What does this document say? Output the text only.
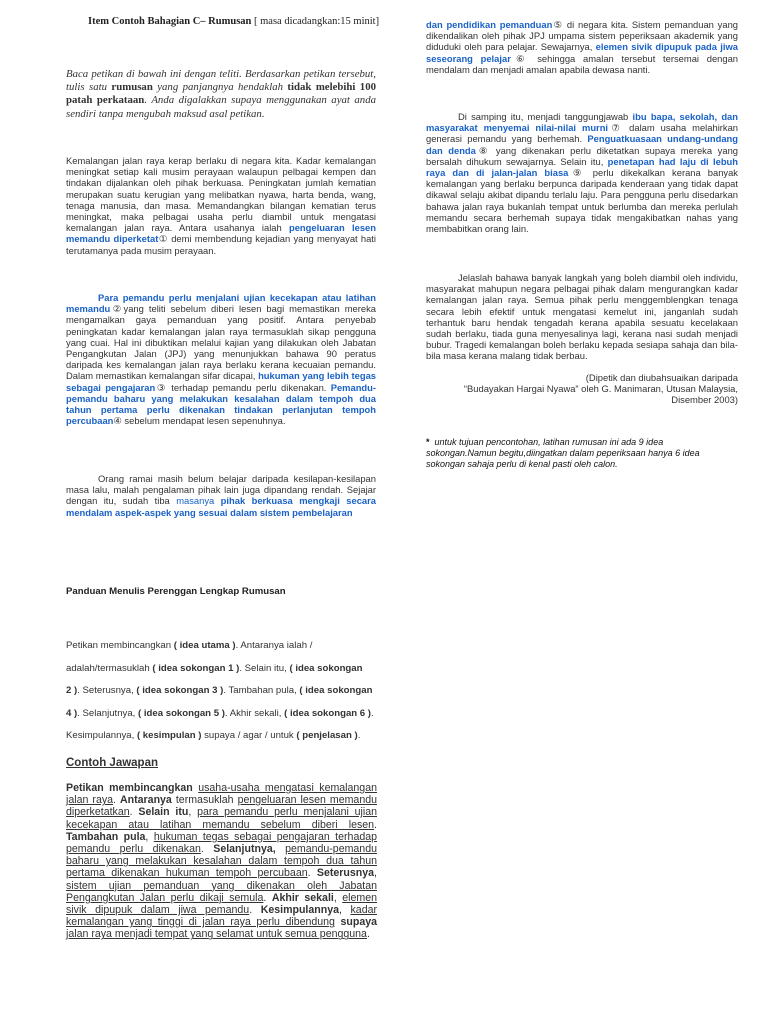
Item Contoh Bahagian C– Rumusan [ masa dicadangkan:15 minit]
Baca petikan di bawah ini dengan teliti. Berdasarkan petikan tersebut, tulis satu rumusan yang panjangnya hendaklah tidak melebihi 100 patah perkataan. Anda digalakkan supaya menggunakan ayat anda sendiri tanpa mengubah maksud asal petikan.
Kemalangan jalan raya kerap berlaku di negara kita. Kadar kemalangan meningkat setiap kali musim perayaan walaupun pelbagai kempen dan tindakan dijalankan oleh pihak berkuasa. Peningkatan jumlah kematian merupakan suatu kerugian yang melibatkan nyawa, harta benda, wang, tenaga manusia, dan masa. Memandangkan bilangan kematian terus meningkat, maka pelbagai usaha perlu diambil untuk mengatasi kemalangan jalan raya. Antara usahanya ialah pengeluaran lesen memandu diperketat① demi membendung kejadian yang menyayat hati terutamanya pada musim perayaan.
Para pemandu perlu menjalani ujian kecekapan atau latihan memandu②yang teliti sebelum diberi lesen bagi memastikan mereka mengamalkan gaya pemanduan yang positif. Antara penyebab peningkatan kadar kemalangan jalan raya termasuklah sikap pengguna yang cuai. Hal ini dibuktikan melalui kajian yang dilakukan oleh Jabatan Pengangkutan Jalan (JPJ) yang menunjukkan bahawa 90 peratus daripada kes kemalangan jalan raya berlaku kerana kecuaian pemandu. Dalam memastikan kemalangan sifar dicapai, hukuman yang lebih tegas sebagai pengajaran③ terhadap pemandu perlu dikenakan. Pemandu-pemandu baharu yang melakukan kesalahan dalam tempoh dua tahun pertama perlu dikenakan tindakan perlanjutan tempoh percubaan④ sebelum mendapat lesen sepenuhnya.
Orang ramai masih belum belajar daripada kesilapan-kesilapan masa lalu, malah pengalaman pihak lain juga dipandang rendah. Sejajar dengan itu, sudah tiba masanya pihak berkuasa mengkaji secara mendalam aspek-aspek yang sesuai dalam sistem pembelajaran
dan pendidikan pemanduan⑤ di negara kita. Sistem pemanduan yang dikendalikan oleh pihak JPJ umpama sistem peperiksaan akademik yang diduduki oleh para pelajar. Sewajarnya, elemen sivik dipupuk pada jiwa seseorang pelajar⑥ sehingga amalan tersebut tersemai dengan mendalam dan menjadi amalan apabila dewasa nanti.
Di samping itu, menjadi tanggungjawab ibu bapa, sekolah, dan masyarakat menyemai nilai-nilai murni⑦ dalam usaha melahirkan generasi pemandu yang berhemah. Penguatkuasaan undang-undang dan denda⑧ yang dikenakan perlu diketatkan supaya mereka yang bersalah dihukum sewajarnya. Selain itu, penetapan had laju di lebuh raya dan di jalan-jalan biasa⑨ perlu dikekalkan kerana banyak kemalangan yang berlaku berpunca daripada kenderaan yang tidak dapat dikawal selaju akibat dipandu terlalu laju. Para pengguna perlu disedarkan bahawa jalan raya bukanlah tempat untuk berlumba dan mereka perlulah memandu secara berhemah supaya tidak mengakibatkan nahas yang membabitkan orang lain.
Jelaslah bahawa banyak langkah yang boleh diambil oleh individu, masyarakat mahupun negara pelbagai pihak dalam mengurangkan kadar kemalangan jalan raya. Semua pihak perlu menggemblengkan tenaga secara lebih efektif untuk mengatasi kemelut ini, janganlah sudah terhantuk baru hendak tengadah kerana apabila sesuatu kecelakaan sudah berlaku, tiada guna menyesalinya lagi, kerana nasi sudah menjadi bubur. Tragedi kemalangan boleh berlaku kepada sesiapa sahaja dan bila-bila masa kerana malang tidak berbau.
(Dipetik dan diubahsuaikan daripada
“Budayakan Hargai Nyawa” oleh G. Manimaran, Utusan Malaysia,
Disember 2003)
* untuk tujuan pencontohan, latihan rumusan ini ada 9 idea sokongan.Namun begitu,diingatkan dalam peperiksaan hanya 6 idea sokongan sahaja perlu di kenal pasti oleh calon.
Panduan Menulis Perenggan Lengkap Rumusan
Petikan membincangkan ( idea utama ). Antaranya ialah /
adalah/termasuklah ( idea sokongan 1 ). Selain itu, ( idea sokongan
2 ). Seterusnya, ( idea sokongan 3 ). Tambahan pula, ( idea sokongan
4 ). Selanjutnya, ( idea sokongan 5 ). Akhir sekali, ( idea sokongan 6 ).
Kesimpulannya, ( kesimpulan ) supaya / agar / untuk ( penjelasan ).
Contoh Jawapan
Petikan membincangkan usaha-usaha mengatasi kemalangan jalan raya. Antaranya termasuklah pengeluaran lesen memandu diperketatkan. Selain itu, para pemandu perlu menjalani ujian kecekapan atau latihan memandu sebelum diberi lesen. Tambahan pula, hukuman tegas sebagai pengajaran terhadap pemandu perlu dikenakan. Selanjutnya, pemandu-pemandu baharu yang melakukan kesalahan dalam tempoh dua tahun pertama dikenakan hukuman tempoh percubaan. Seterusnya, sistem ujian pemanduan yang dikenakan oleh Jabatan Pengangkutan Jalan perlu dikaji semula. Akhir sekali, elemen sivik dipupuk dalam jiwa pemandu. Kesimpulannya, kadar kemalangan yang tinggi di jalan raya perlu dibendung supaya jalan raya menjadi tempat yang selamat untuk semua pengguna.
